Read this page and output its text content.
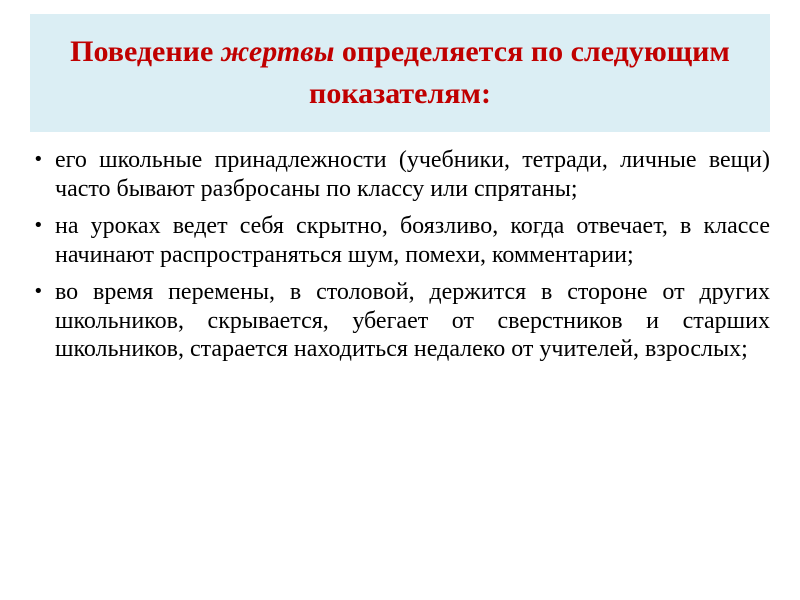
Поведение жертвы определяется по следующим показателям:
• его школьные принадлежности (учебники, тетради, личные вещи) часто бывают разбросаны по классу или спрятаны;
• на уроках ведет себя скрытно, боязливо, когда отвечает, в классе начинают распространяться шум, помехи, комментарии;
• во время перемены, в столовой, держится в стороне от других школьников, скрывается, убегает от сверстников и старших школьников, старается находиться недалеко от учителей, взрослых;
